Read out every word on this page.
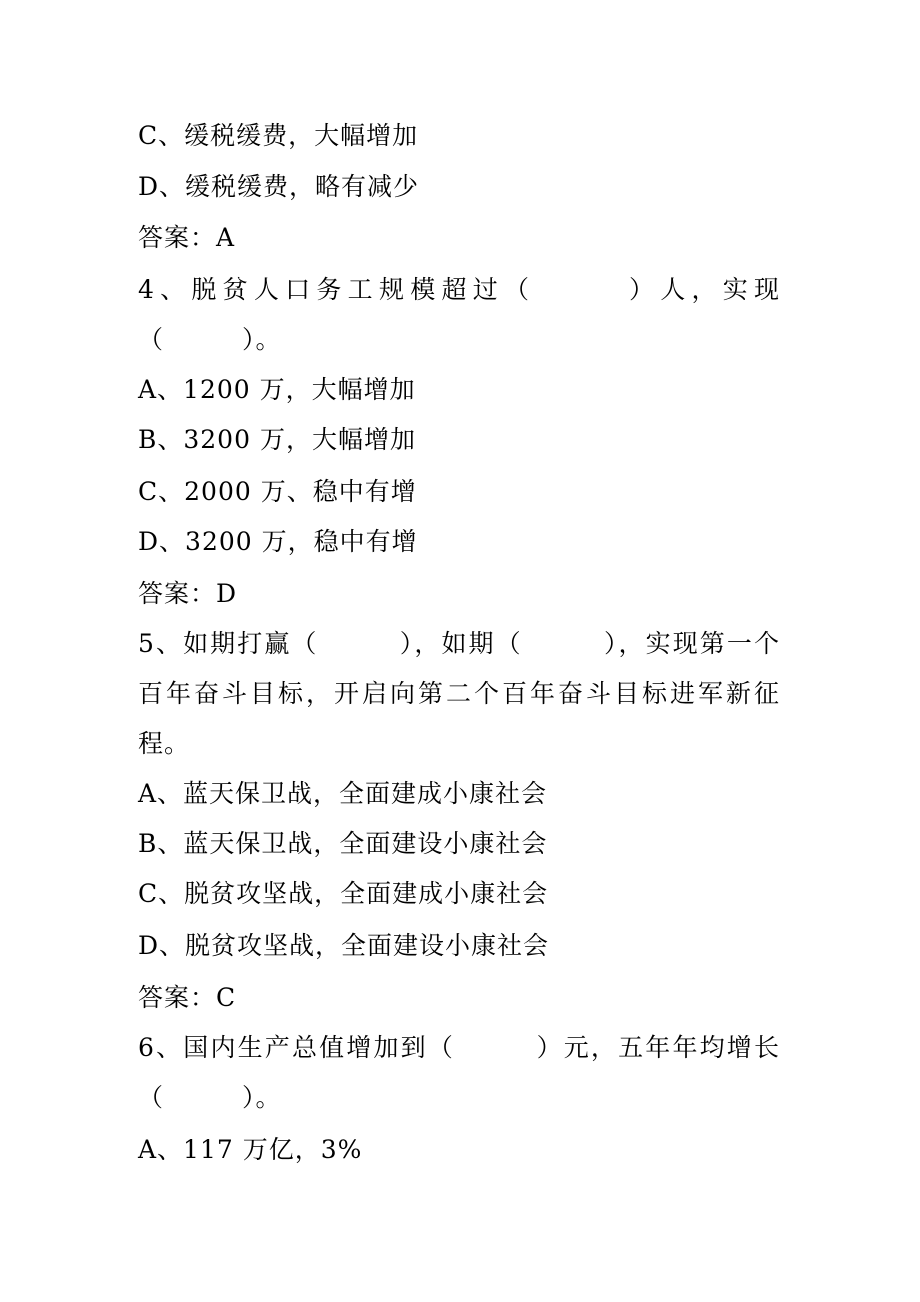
C、缓税缓费，大幅增加
D、缓税缓费，略有减少
答案：A
4、脱贫人口务工规模超过（　　　）人，实现
（　　　）。
A、1200 万，大幅增加
B、3200 万，大幅增加
C、2000 万、稳中有增
D、3200 万，稳中有增
答案：D
5、如期打赢（　　　），如期（　　　），实现第一个
百年奋斗目标，开启向第二个百年奋斗目标进军新征
程。
A、蓝天保卫战，全面建成小康社会
B、蓝天保卫战，全面建设小康社会
C、脱贫攻坚战，全面建成小康社会
D、脱贫攻坚战，全面建设小康社会
答案：C
6、国内生产总值增加到（　　　）元，五年年均增长
（　　　）。
A、117 万亿，3%
